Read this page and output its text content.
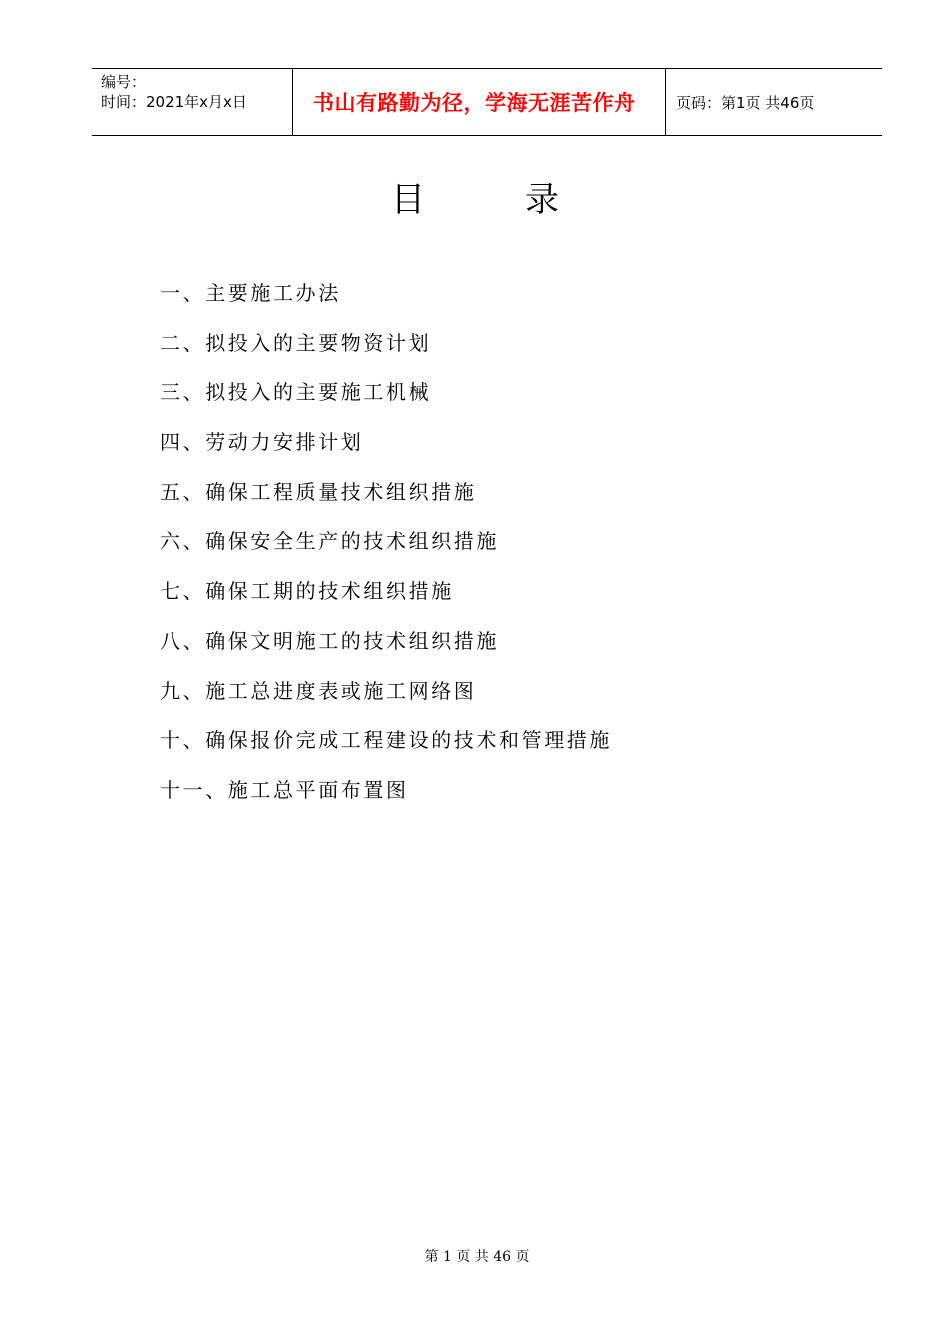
编号：
时间：2021年x月x日	书山有路勤为径，学海无涯苦作舟	页码：第1页 共46页
目录
一、主要施工办法
二、拟投入的主要物资计划
三、拟投入的主要施工机械
四、劳动力安排计划
五、确保工程质量技术组织措施
六、确保安全生产的技术组织措施
七、确保工期的技术组织措施
八、确保文明施工的技术组织措施
九、施工总进度表或施工网络图
十、确保报价完成工程建设的技术和管理措施
十一、施工总平面布置图
第 1 页 共 46 页
